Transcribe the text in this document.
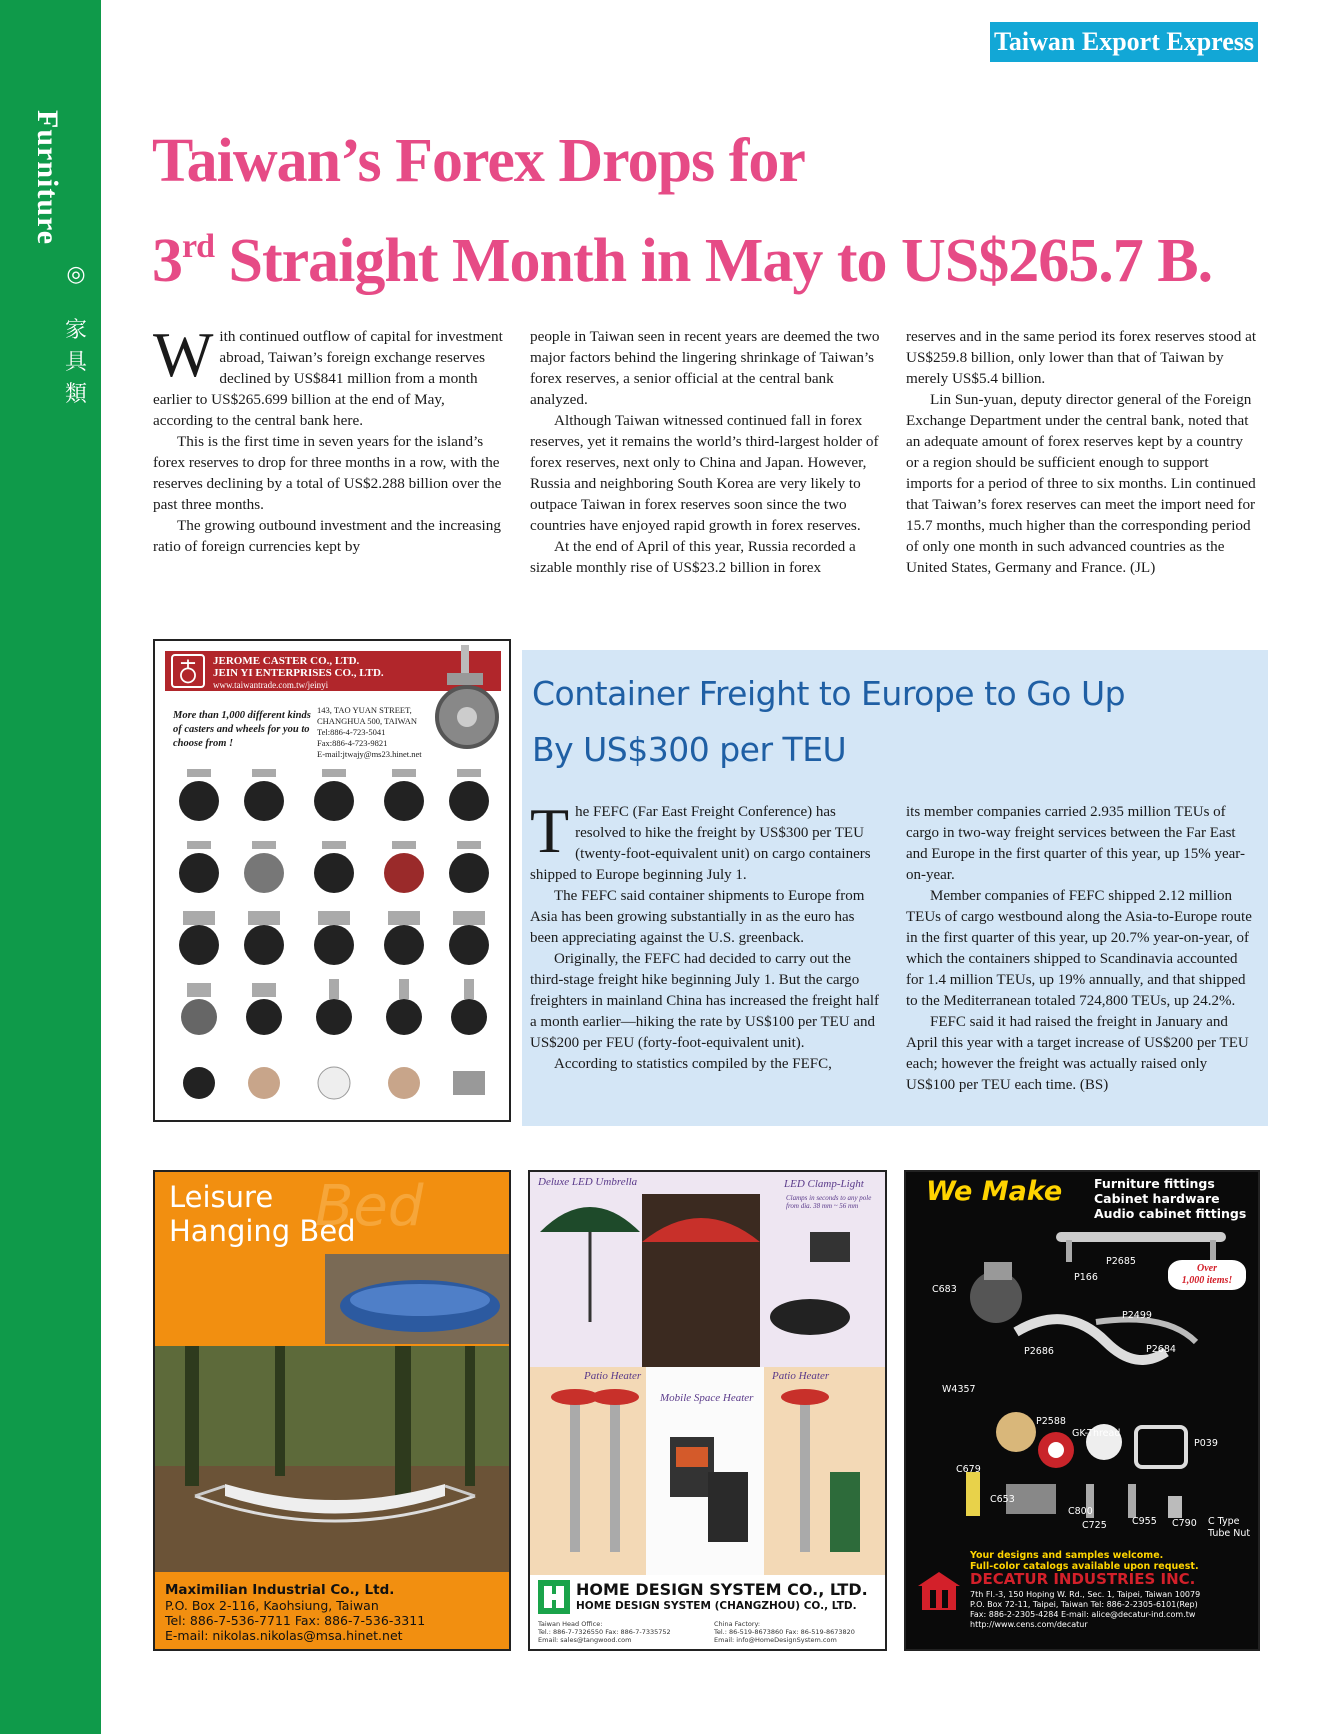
Furniture
◎
家具類
Taiwan Export Express
Taiwan’s Forex Drops for
3rd Straight Month in May to US$265.7 B.

With continued outflow of capital for investment abroad, Taiwan’s foreign exchange reserves declined by US$841 million from a month earlier to US$265.699 billion at the end of May, according to the central bank here.

This is the first time in seven years for the island’s forex reserves to drop for three months in a row, with the reserves declining by a total of US$2.288 billion over the past three months.

The growing outbound investment and the increasing ratio of foreign currencies kept by

people in Taiwan seen in recent years are deemed the two major factors behind the lingering shrinkage of Taiwan’s forex reserves, a senior official at the central bank analyzed.

Although Taiwan witnessed continued fall in forex reserves, yet it remains the world’s third-largest holder of forex reserves, next only to China and Japan. However, Russia and neighboring South Korea are very likely to outpace Taiwan in forex reserves soon since the two countries have enjoyed rapid growth in forex reserves.

At the end of April of this year, Russia recorded a sizable monthly rise of US$23.2 billion in forex

reserves and in the same period its forex reserves stood at US$259.8 billion, only lower than that of Taiwan by merely US$5.4 billion.

Lin Sun-yuan, deputy director general of the Foreign Exchange Department under the central bank, noted that an adequate amount of forex reserves kept by a country or a region should be sufficient enough to support imports for a period of three to six months. Lin continued that Taiwan’s forex reserves can meet the import need for 15.7 months, much higher than the corresponding period of only one month in such advanced countries as the United States, Germany and France. (JL)

JEROME CASTER CO., LTD.
JEIN YI ENTERPRISES CO., LTD.
www.taiwantrade.com.tw/jeinyi
More than 1,000 different kinds of casters and wheels for you to choose from !
143, TAO YUAN STREET,
CHANGHUA 500, TAIWAN
Tel:886-4-723-5041
Fax:886-4-723-9821
E-mail:jtwajy@ms23.hinet.net
Container Freight to Europe to Go Up
By US$300 per TEU

The FEFC (Far East Freight Conference) has resolved to hike the freight by US$300 per TEU (twenty-foot-equivalent unit) on cargo containers shipped to Europe beginning July 1.

The FEFC said container shipments to Europe from Asia has been growing substantially in as the euro has been appreciating against the U.S. greenback.

Originally, the FEFC had decided to carry out the third-stage freight hike beginning July 1. But the cargo freighters in mainland China has increased the freight half a month earlier—hiking the rate by US$100 per TEU and US$200 per FEU (forty-foot-equivalent unit).

According to statistics compiled by the FEFC,

its member companies carried 2.935 million TEUs of cargo in two-way freight services between the Far East and Europe in the first quarter of this year, up 15% year-on-year.

Member companies of FEFC shipped 2.12 million TEUs of cargo westbound along the Asia-to-Europe route in the first quarter of this year, up 20.7% year-on-year, of which the containers shipped to Scandinavia accounted for 1.4 million TEUs, up 19% annually, and that shipped to the Mediterranean totaled 724,800 TEUs, up 24.2%.

FEFC said it had raised the freight in January and April this year with a target increase of US$200 per TEU each; however the freight was actually raised only US$100 per TEU each time. (BS)

Bed
Leisure
Hanging Bed
Maximilian Industrial Co., Ltd.
P.O. Box 2-116, Kaohsiung, Taiwan
Tel: 886-7-536-7711 Fax: 886-7-536-3311
E-mail: nikolas.nikolas@msa.hinet.net
Deluxe LED Umbrella	LED Clamp-Light
Clamps in seconds to any pole from dia. 38 mm ~ 56 mm
Patio Heater
Mobile Space Heater
Patio Heater
HOME DESIGN SYSTEM CO., LTD.
HOME DESIGN SYSTEM (CHANGZHOU) CO., LTD.
Taiwan Head Office:
Tel.: 886-7-7326550 Fax: 886-7-7335752
Email: sales@tangwood.com
China Factory:
Tel.: 86-519-8673860 Fax: 86-519-8673820
Email: info@HomeDesignSystem.com
We Make	Furniture fittings
Cabinet hardware
Audio cabinet fittings
Over
1,000 items!
P2685
C683
P166
P2499
P2686	P2684
W4357
P2588
GK-Thread
P039
C679
C653
C800
C725	C955 C790 C Type
Tube Nut
Your designs and samples welcome.
Full-color catalogs available upon request.
DECATUR INDUSTRIES INC.
7th Fl.-3, 150 Hoping W. Rd., Sec. 1, Taipei, Taiwan 10079
P.O. Box 72-11, Taipei, Taiwan Tel: 886-2-2305-6101(Rep)
Fax: 886-2-2305-4284 E-mail: alice@decatur-ind.com.tw
http://www.cens.com/decatur
